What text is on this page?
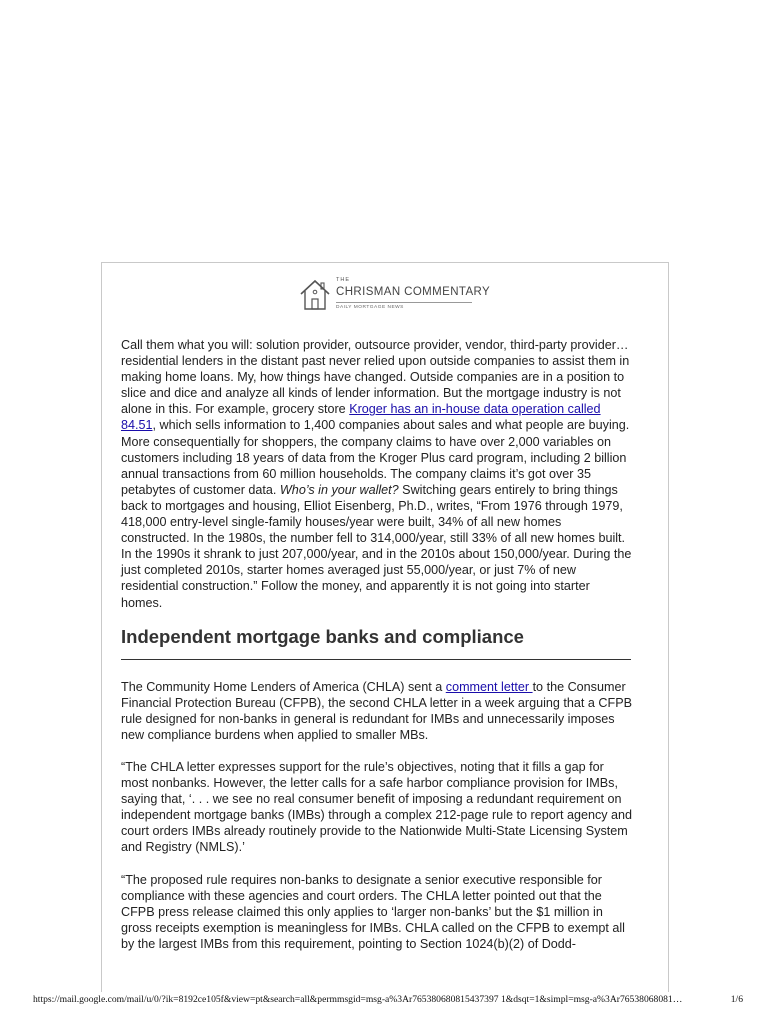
THE
CHRISMAN COMMENTARY
DAILY MORTGAGE NEWS

Call them what you will: solution provider, outsource provider, vendor, third-party provider… residential lenders in the distant past never relied upon outside companies to assist them in making home loans. My, how things have changed. Outside companies are in a position to slice and dice and analyze all kinds of lender information. But the mortgage industry is not alone in this. For example, grocery store Kroger has an in-house data operation called 84.51, which sells information to 1,400 companies about sales and what people are buying. More consequentially for shoppers, the company claims to have over 2,000 variables on customers including 18 years of data from the Kroger Plus card program, including 2 billion annual transactions from 60 million households. The company claims it’s got over 35 petabytes of customer data. Who’s in your wallet? Switching gears entirely to bring things back to mortgages and housing, Elliot Eisenberg, Ph.D., writes, “From 1976 through 1979, 418,000 entry-level single-family houses/year were built, 34% of all new homes constructed. In the 1980s, the number fell to 314,000/year, still 33% of all new homes built. In the 1990s it shrank to just 207,000/year, and in the 2010s about 150,000/year. During the just completed 2010s, starter homes averaged just 55,000/year, or just 7% of new residential construction.” Follow the money, and apparently it is not going into starter homes.

Independent mortgage banks and compliance

The Community Home Lenders of America (CHLA) sent a comment letter to the Consumer Financial Protection Bureau (CFPB), the second CHLA letter in a week arguing that a CFPB rule designed for non-banks in general is redundant for IMBs and unnecessarily imposes new compliance burdens when applied to smaller MBs.

“The CHLA letter expresses support for the rule’s objectives, noting that it fills a gap for most nonbanks. However, the letter calls for a safe harbor compliance provision for IMBs, saying that, ‘. . . we see no real consumer benefit of imposing a redundant requirement on independent mortgage banks (IMBs) through a complex 212-page rule to report agency and court orders IMBs already routinely provide to the Nationwide Multi-State Licensing System and Registry (NMLS).’

“The proposed rule requires non-banks to designate a senior executive responsible for compliance with these agencies and court orders. The CHLA letter pointed out that the CFPB press release claimed this only applies to ‘larger non-banks’ but the $1 million in gross receipts exemption is meaningless for IMBs. CHLA called on the CFPB to exempt all by the largest IMBs from this requirement, pointing to Section 1024(b)(2) of Dodd-

https://mail.google.com/mail/u/0/?ik=8192ce105f&view=pt&search=all&permmsgid=msg-a%3Ar765380680815437397 1&dsqt=1&simpl=msg-a%3Ar76538068081…	1/6
